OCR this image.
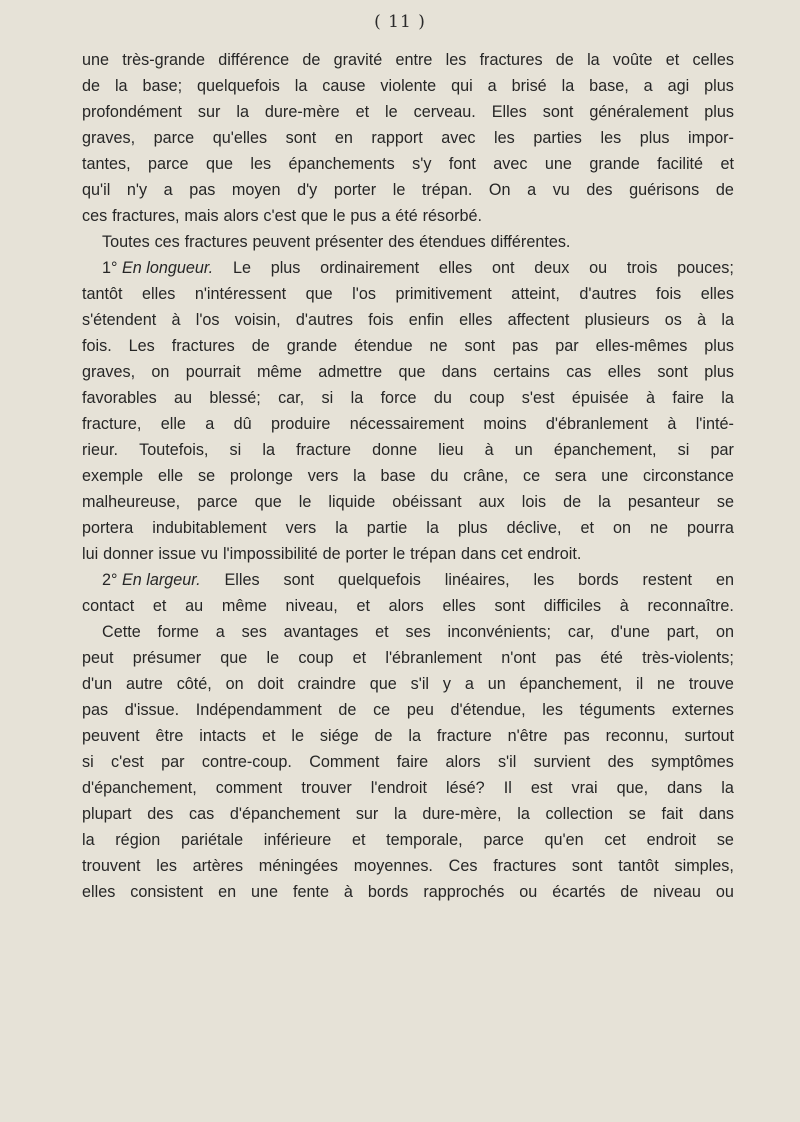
( 11 )
une très-grande différence de gravité entre les fractures de la voûte et celles
de la base; quelquefois la cause violente qui a brisé la base, a agi plus
profondément sur la dure-mère et le cerveau. Elles sont généralement plus
graves, parce qu'elles sont en rapport avec les parties les plus impor-
tantes, parce que les épanchements s'y font avec une grande facilité et
qu'il n'y a pas moyen d'y porter le trépan. On a vu des guérisons de
ces fractures, mais alors c'est que le pus a été résorbé.
Toutes ces fractures peuvent présenter des étendues différentes.
1° En longueur. Le plus ordinairement elles ont deux ou trois pouces;
tantôt elles n'intéressent que l'os primitivement atteint, d'autres fois elles
s'étendent à l'os voisin, d'autres fois enfin elles affectent plusieurs os à la
fois. Les fractures de grande étendue ne sont pas par elles-mêmes plus
graves, on pourrait même admettre que dans certains cas elles sont plus
favorables au blessé; car, si la force du coup s'est épuisée à faire la
fracture, elle a dû produire nécessairement moins d'ébranlement à l'inté-
rieur. Toutefois, si la fracture donne lieu à un épanchement, si par
exemple elle se prolonge vers la base du crâne, ce sera une circonstance
malheureuse, parce que le liquide obéissant aux lois de la pesanteur se
portera indubitablement vers la partie la plus déclive, et on ne pourra
lui donner issue vu l'impossibilité de porter le trépan dans cet endroit.
2° En largeur. Elles sont quelquefois linéaires, les bords restent en
contact et au même niveau, et alors elles sont difficiles à reconnaître.
Cette forme a ses avantages et ses inconvénients; car, d'une part, on
peut présumer que le coup et l'ébranlement n'ont pas été très-violents;
d'un autre côté, on doit craindre que s'il y a un épanchement, il ne trouve
pas d'issue. Indépendamment de ce peu d'étendue, les téguments externes
peuvent être intacts et le siége de la fracture n'être pas reconnu, surtout
si c'est par contre-coup. Comment faire alors s'il survient des symptômes
d'épanchement, comment trouver l'endroit lésé? Il est vrai que, dans la
plupart des cas d'épanchement sur la dure-mère, la collection se fait dans
la région pariétale inférieure et temporale, parce qu'en cet endroit se
trouvent les artères méningées moyennes. Ces fractures sont tantôt simples,
elles consistent en une fente à bords rapprochés ou écartés de niveau ou
